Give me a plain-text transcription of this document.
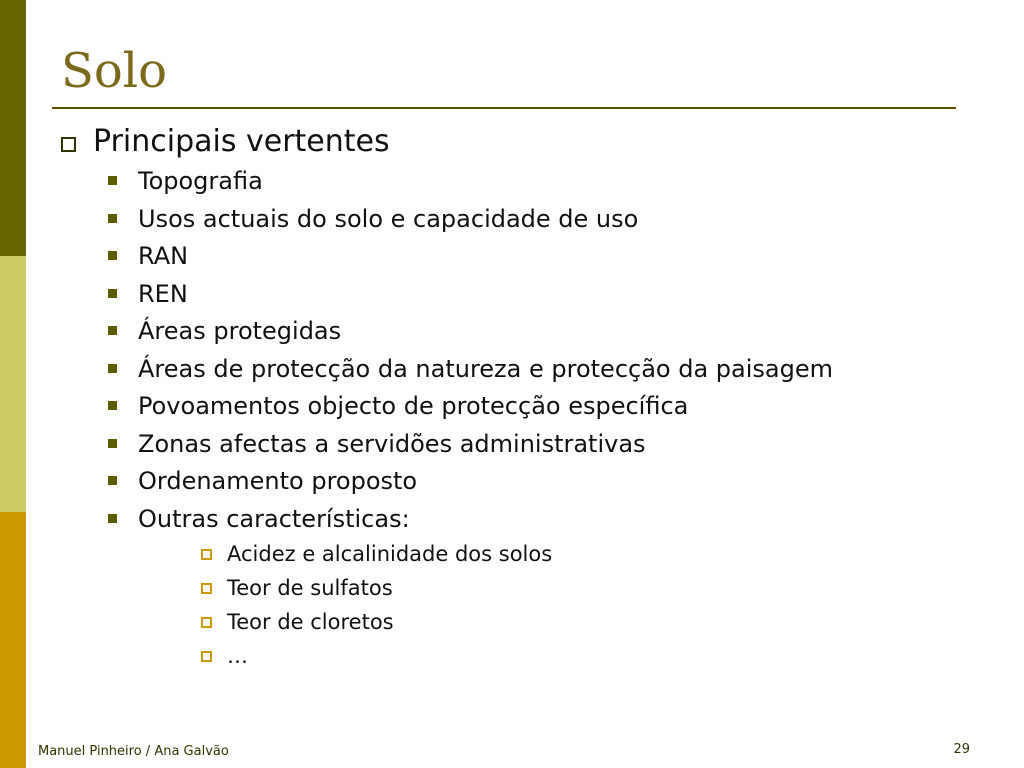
Solo
Principais vertentes
Topografia
Usos actuais do solo e capacidade de uso
RAN
REN
Áreas protegidas
Áreas de protecção da natureza e protecção da paisagem
Povoamentos objecto de protecção específica
Zonas afectas a servidões administrativas
Ordenamento proposto
Outras características:
Acidez e alcalinidade dos solos
Teor de sulfatos
Teor de cloretos
…
Manuel Pinheiro / Ana Galvão	29
